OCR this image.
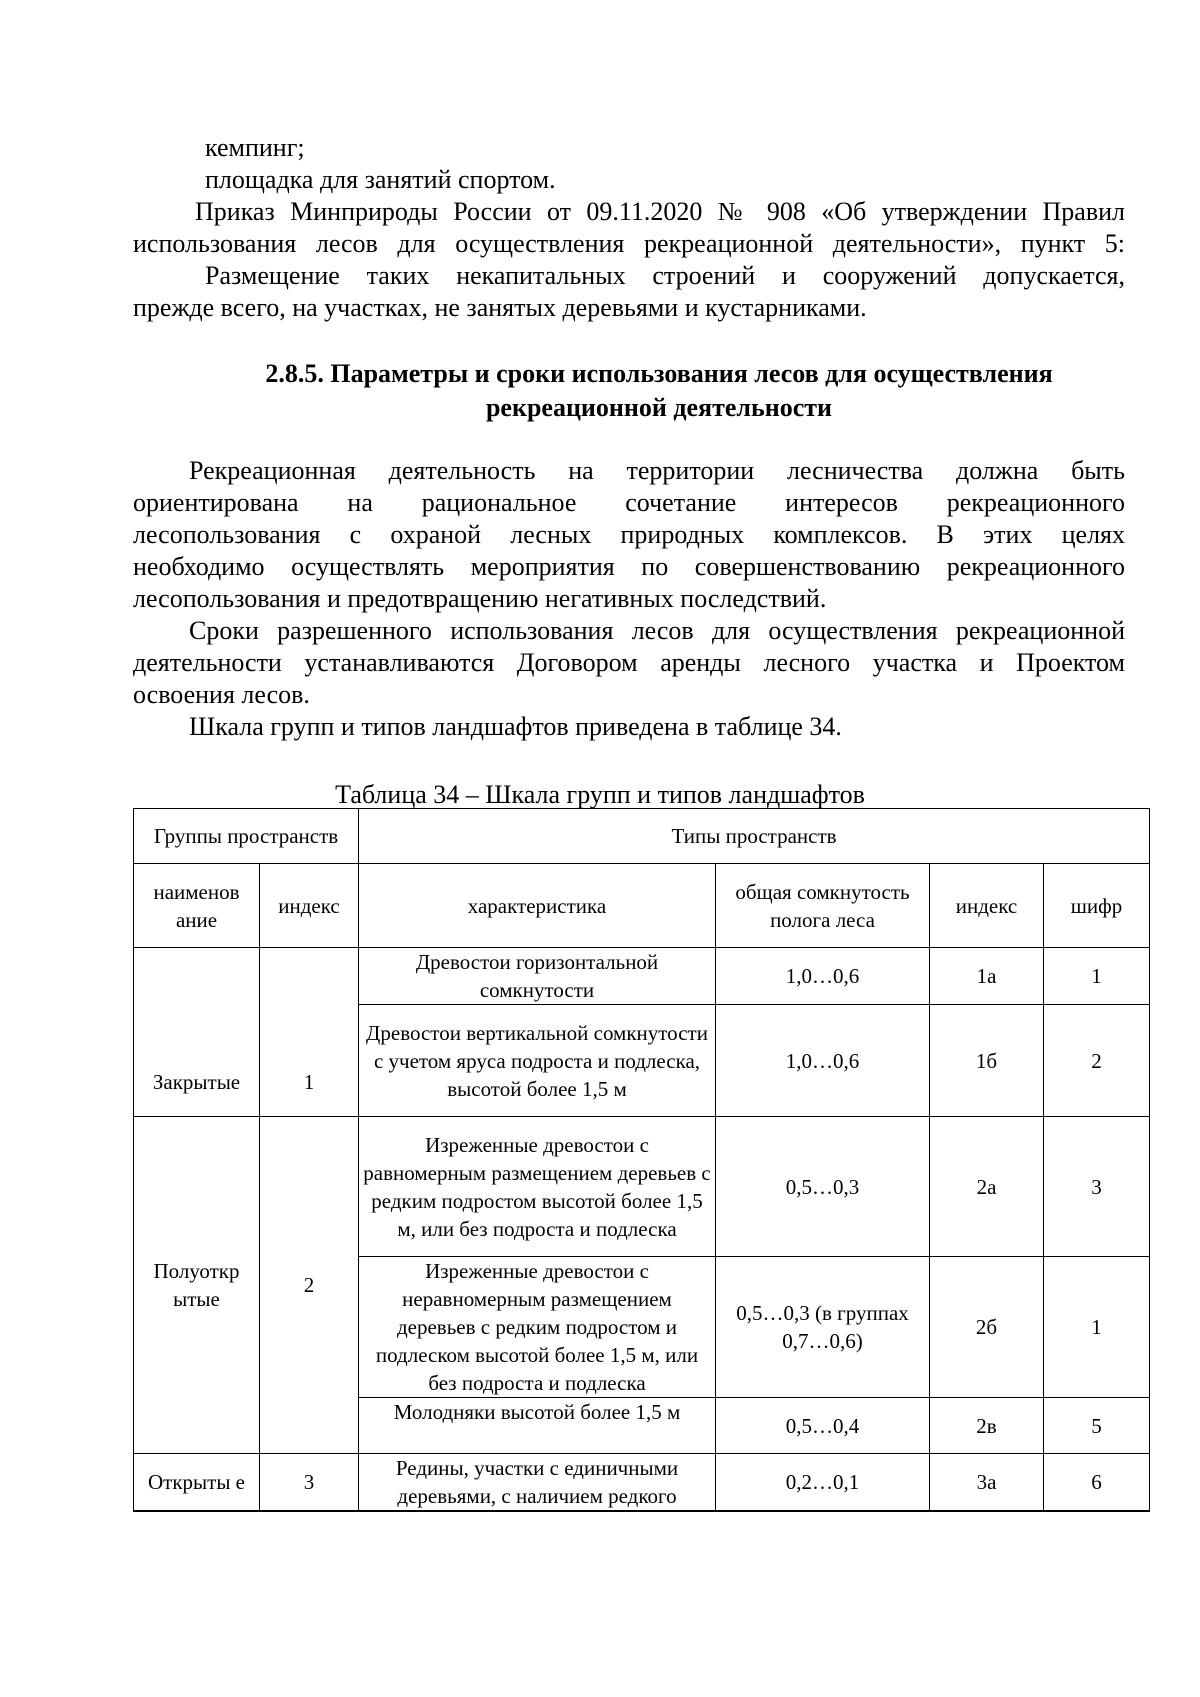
кемпинг;
площадка для занятий спортом.
Приказ Минприроды России от 09.11.2020 № 908 «Об утверждении Правил
использования лесов для осуществления рекреационной деятельности», пункт 5:
Размещение таких некапитальных строений и сооружений допускается,
прежде всего, на участках, не занятых деревьями и кустарниками.
2.8.5. Параметры и сроки использования лесов для осуществления
рекреационной деятельности
Рекреационная деятельность на территории лесничества должна быть
ориентирована на рациональное сочетание интересов рекреационного
лесопользования с охраной лесных природных комплексов. В этих целях
необходимо осуществлять мероприятия по совершенствованию рекреационного
лесопользования и предотвращению негативных последствий.
Сроки разрешенного использования лесов для осуществления рекреационной
деятельности устанавливаются Договором аренды лесного участка и Проектом
освоения лесов.
Шкала групп и типов ландшафтов приведена в таблице 34.
Таблица 34 – Шкала групп и типов ландшафтов
Группы пространств		Типы пространств			
наименов ание	индекс	характеристика	общая сомкнутость полога леса	индекс	шифр
Закрытые	1	Древостои горизонтальной сомкнутости	1,0…0,6	1а	1
		Древостои вертикальной сомкнутости с учетом яруса подроста и подлеска, высотой более 1,5 м	1,0…0,6	1б	2
Полуоткр ытые	2	Изреженные древостои с равномерным размещением деревьев с редким подростом высотой более 1,5 м, или без подроста и подлеска	0,5…0,3	2а	3
		Изреженные древостои с неравномерным размещением деревьев с редким подростом и подлеском высотой более 1,5 м, или без подроста и подлеска	0,5…0,3 (в группах 0,7…0,6)	2б	1
		Молодняки высотой более 1,5 м	0,5…0,4	2в	5
Открыты е	3	Редины, участки с единичными деревьями, с наличием редкого	0,2…0,1	3а	6
